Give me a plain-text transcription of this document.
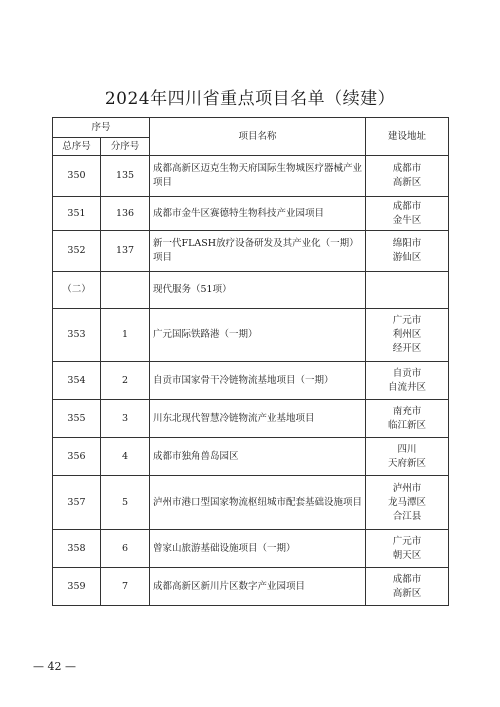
2024年四川省重点项目名单（续建）
序号		项目名称	建设地址
总序号	分序号		
350	135	成都高新区迈克生物天府国际生物城医疗器械产业项目	成都市
高新区

351	136	成都市金牛区赛德特生物科技产业园项目	成都市
金牛区

352	137	新一代FLASH放疗设备研发及其产业化（一期）项目	绵阳市
游仙区

（二）		现代服务（51项）	
353	1	广元国际铁路港（一期）	广元市
利州区
经开区

354	2	自贡市国家骨干冷链物流基地项目（一期）	自贡市
自流井区

355	3	川东北现代智慧冷链物流产业基地项目	南充市
临江新区

356	4	成都市独角兽岛园区	四川
天府新区

357	5	泸州市港口型国家物流枢纽城市配套基础设施项目	泸州市
龙马潭区
合江县

358	6	曾家山旅游基础设施项目（一期）	广元市
朝天区

359	7	成都高新区新川片区数字产业园项目	成都市
高新区
— 42 —
